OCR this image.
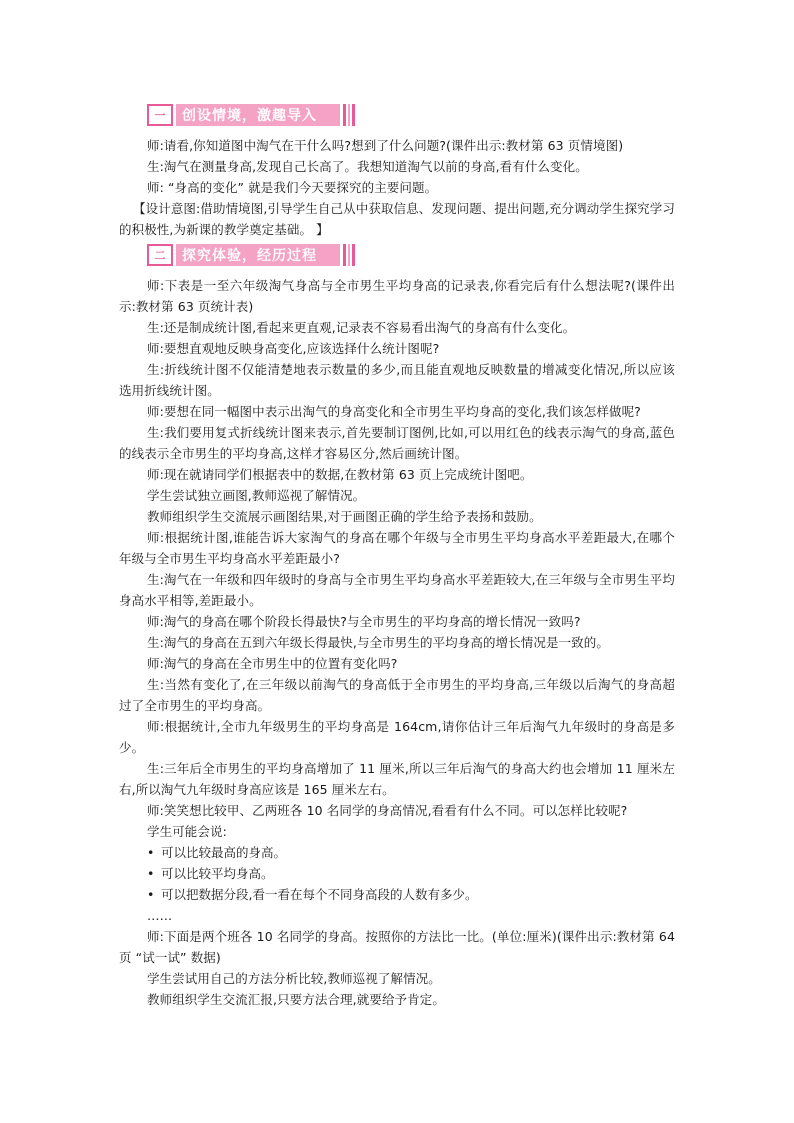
一	创设情境，激趣导入

师:请看,你知道图中淘气在干什么吗?想到了什么问题?(课件出示:教材第 63 页情境图)

生:淘气在测量身高,发现自己长高了。我想知道淘气以前的身高,看有什么变化。

师: “身高的变化” 就是我们今天要探究的主要问题。

【设计意图:借助情境图,引导学生自己从中获取信息、发现问题、提出问题,充分调动学生探究学习的积极性,为新课的教学奠定基础。 】

二	探究体验，经历过程

师:下表是一至六年级淘气身高与全市男生平均身高的记录表,你看完后有什么想法呢?(课件出示:教材第 63 页统计表)

生:还是制成统计图,看起来更直观,记录表不容易看出淘气的身高有什么变化。

师:要想直观地反映身高变化,应该选择什么统计图呢?

生:折线统计图不仅能清楚地表示数量的多少,而且能直观地反映数量的增减变化情况,所以应该选用折线统计图。

师:要想在同一幅图中表示出淘气的身高变化和全市男生平均身高的变化,我们该怎样做呢?

生:我们要用复式折线统计图来表示,首先要制订图例,比如,可以用红色的线表示淘气的身高,蓝色的线表示全市男生的平均身高,这样才容易区分,然后画统计图。

师:现在就请同学们根据表中的数据,在教材第 63 页上完成统计图吧。

学生尝试独立画图,教师巡视了解情况。

教师组织学生交流展示画图结果,对于画图正确的学生给予表扬和鼓励。

师:根据统计图,谁能告诉大家淘气的身高在哪个年级与全市男生平均身高水平差距最大,在哪个年级与全市男生平均身高水平差距最小?

生:淘气在一年级和四年级时的身高与全市男生平均身高水平差距较大,在三年级与全市男生平均身高水平相等,差距最小。

师:淘气的身高在哪个阶段长得最快?与全市男生的平均身高的增长情况一致吗?

生:淘气的身高在五到六年级长得最快,与全市男生的平均身高的增长情况是一致的。

师:淘气的身高在全市男生中的位置有变化吗?

生:当然有变化了,在三年级以前淘气的身高低于全市男生的平均身高,三年级以后淘气的身高超过了全市男生的平均身高。

师:根据统计,全市九年级男生的平均身高是 164cm,请你估计三年后淘气九年级时的身高是多少。

生:三年后全市男生的平均身高增加了 11 厘米,所以三年后淘气的身高大约也会增加 11 厘米左右,所以淘气九年级时身高应该是 165 厘米左右。

师:笑笑想比较甲、乙两班各 10 名同学的身高情况,看看有什么不同。可以怎样比较呢?

学生可能会说:

• 可以比较最高的身高。
• 可以比较平均身高。
• 可以把数据分段,看一看在每个不同身高段的人数有多少。

……

师:下面是两个班各 10 名同学的身高。按照你的方法比一比。(单位:厘米)(课件出示:教材第 64 页 “试一试” 数据)

学生尝试用自己的方法分析比较,教师巡视了解情况。

教师组织学生交流汇报,只要方法合理,就要给予肯定。
